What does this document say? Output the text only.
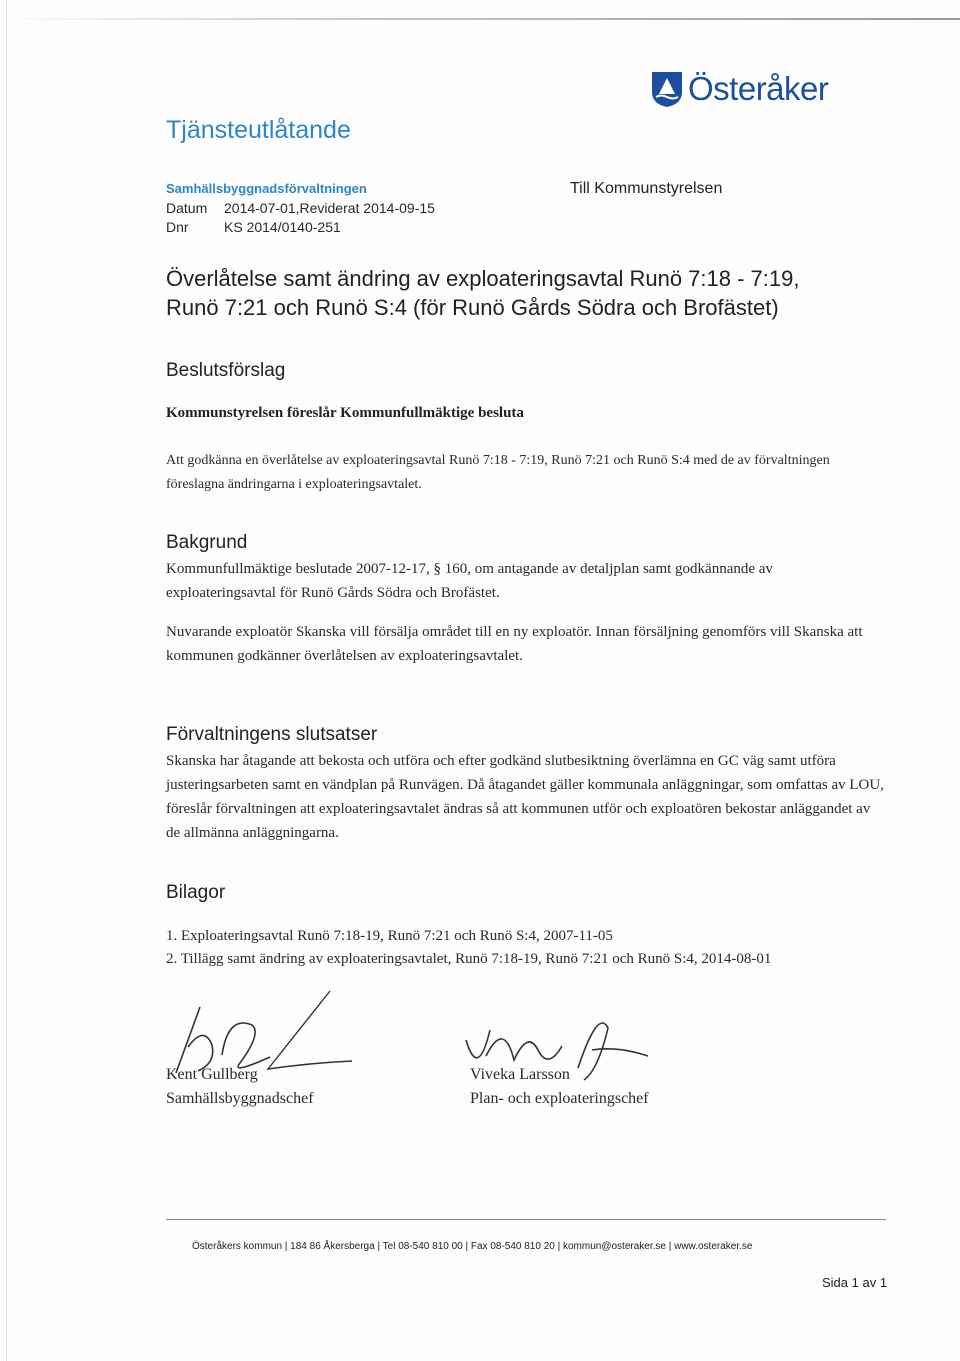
Österåker
Tjänsteutlåtande
Samhällsbyggnadsförvaltningen
Datum 2014-07-01,Reviderat 2014-09-15
Dnr	KS 2014/0140-251
Till Kommunstyrelsen
Överlåtelse samt ändring av exploateringsavtal Runö 7:18 - 7:19,
Runö 7:21 och Runö S:4 (för Runö Gårds Södra och Brofästet)
Beslutsförslag
Kommunstyrelsen föreslår Kommunfullmäktige besluta
Att godkänna en överlåtelse av exploateringsavtal Runö 7:18 - 7:19, Runö 7:21 och Runö S:4 med de av förvaltningen föreslagna ändringarna i exploateringsavtalet.
Bakgrund
Kommunfullmäktige beslutade 2007-12-17, § 160, om antagande av detaljplan samt godkännande av exploateringsavtal för Runö Gårds Södra och Brofästet.
Nuvarande exploatör Skanska vill försälja området till en ny exploatör. Innan försäljning genomförs vill Skanska att kommunen godkänner överlåtelsen av exploateringsavtalet.
Förvaltningens slutsatser
Skanska har åtagande att bekosta och utföra och efter godkänd slutbesiktning överlämna en GC väg samt utföra justeringsarbeten samt en vändplan på Runvägen. Då åtagandet gäller kommunala anläggningar, som omfattas av LOU, föreslår förvaltningen att exploateringsavtalet ändras så att kommunen utför och exploatören bekostar anläggandet av de allmänna anläggningarna.
Bilagor
1. Exploateringsavtal Runö 7:18-19, Runö 7:21 och Runö S:4, 2007-11-05
2. Tillägg samt ändring av exploateringsavtalet, Runö 7:18-19, Runö 7:21 och Runö S:4, 2014-08-01
Kent Gullberg
Samhällsbyggnadschef
Viveka Larsson
Plan- och exploateringschef
Österåkers kommun | 184 86 Åkersberga | Tel 08-540 810 00 | Fax 08-540 810 20 | kommun@osteraker.se | www.osteraker.se
Sida 1 av 1
